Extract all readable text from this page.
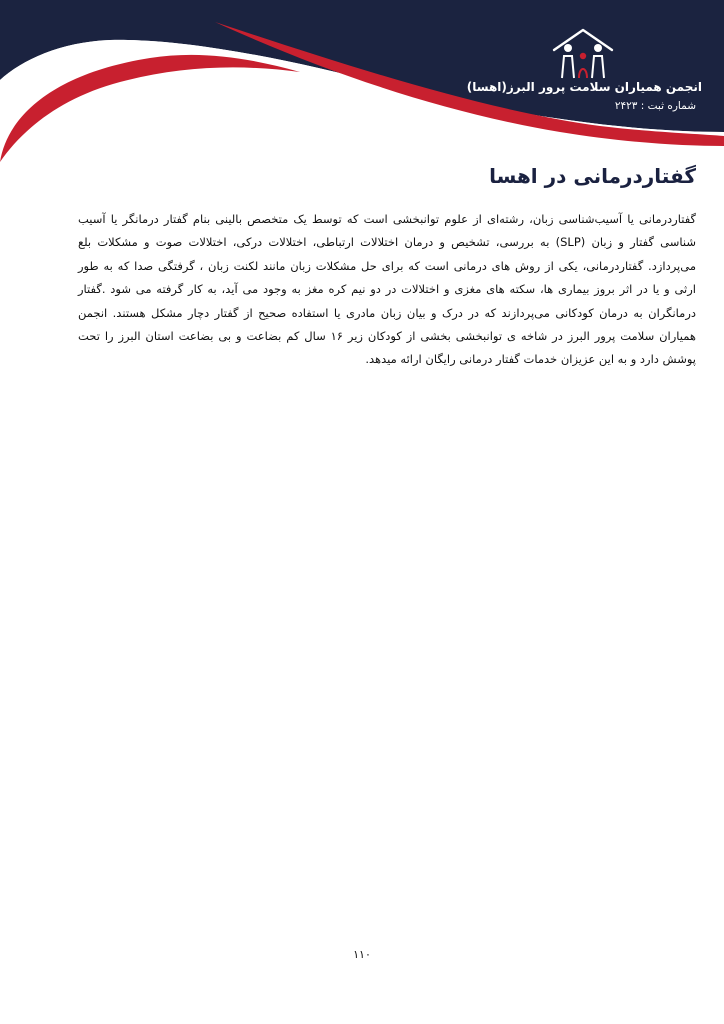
انجمن همیاران سلامت پرور البرز(اهسا)
شماره ثبت : ۲۴۲۳
گفتاردرمانی در اهسا

گفتاردرمانی یا آسیب‌شناسی زبان، رشته‌ای از علوم توانبخشی است که توسط یک متخصص بالینی بنام گفتار درمانگر یا آسیب شناسی گفتار و زبان (SLP) به بررسی، تشخیص و درمان اختلالات ارتباطی، اختلالات درکی، اختلالات صوت و مشکلات بلع می‌پردازد. گفتاردرمانی، یکی از روش های درمانی است که برای حل مشکلات زبان مانند لکنت زبان ، گرفتگی صدا که به طور ارثی و یا در اثر بروز بیماری ها، سکته های مغزی و اختلالات در دو نیم کره مغز به وجود می آید، به کار گرفته می شود .گفتار درمانگران به درمان کودکانی می‌پردازند که در درک و بیان زبان مادری یا استفاده صحیح از گفتار دچار مشکل هستند. انجمن همیاران سلامت پرور البرز در شاخه ی توانبخشی بخشی از کودکان زیر ۱۶ سال کم بضاعت و بی بضاعت استان البرز را تحت پوشش دارد و به این عزیزان خدمات گفتار درمانی رایگان ارائه میدهد.

۱۱۰
